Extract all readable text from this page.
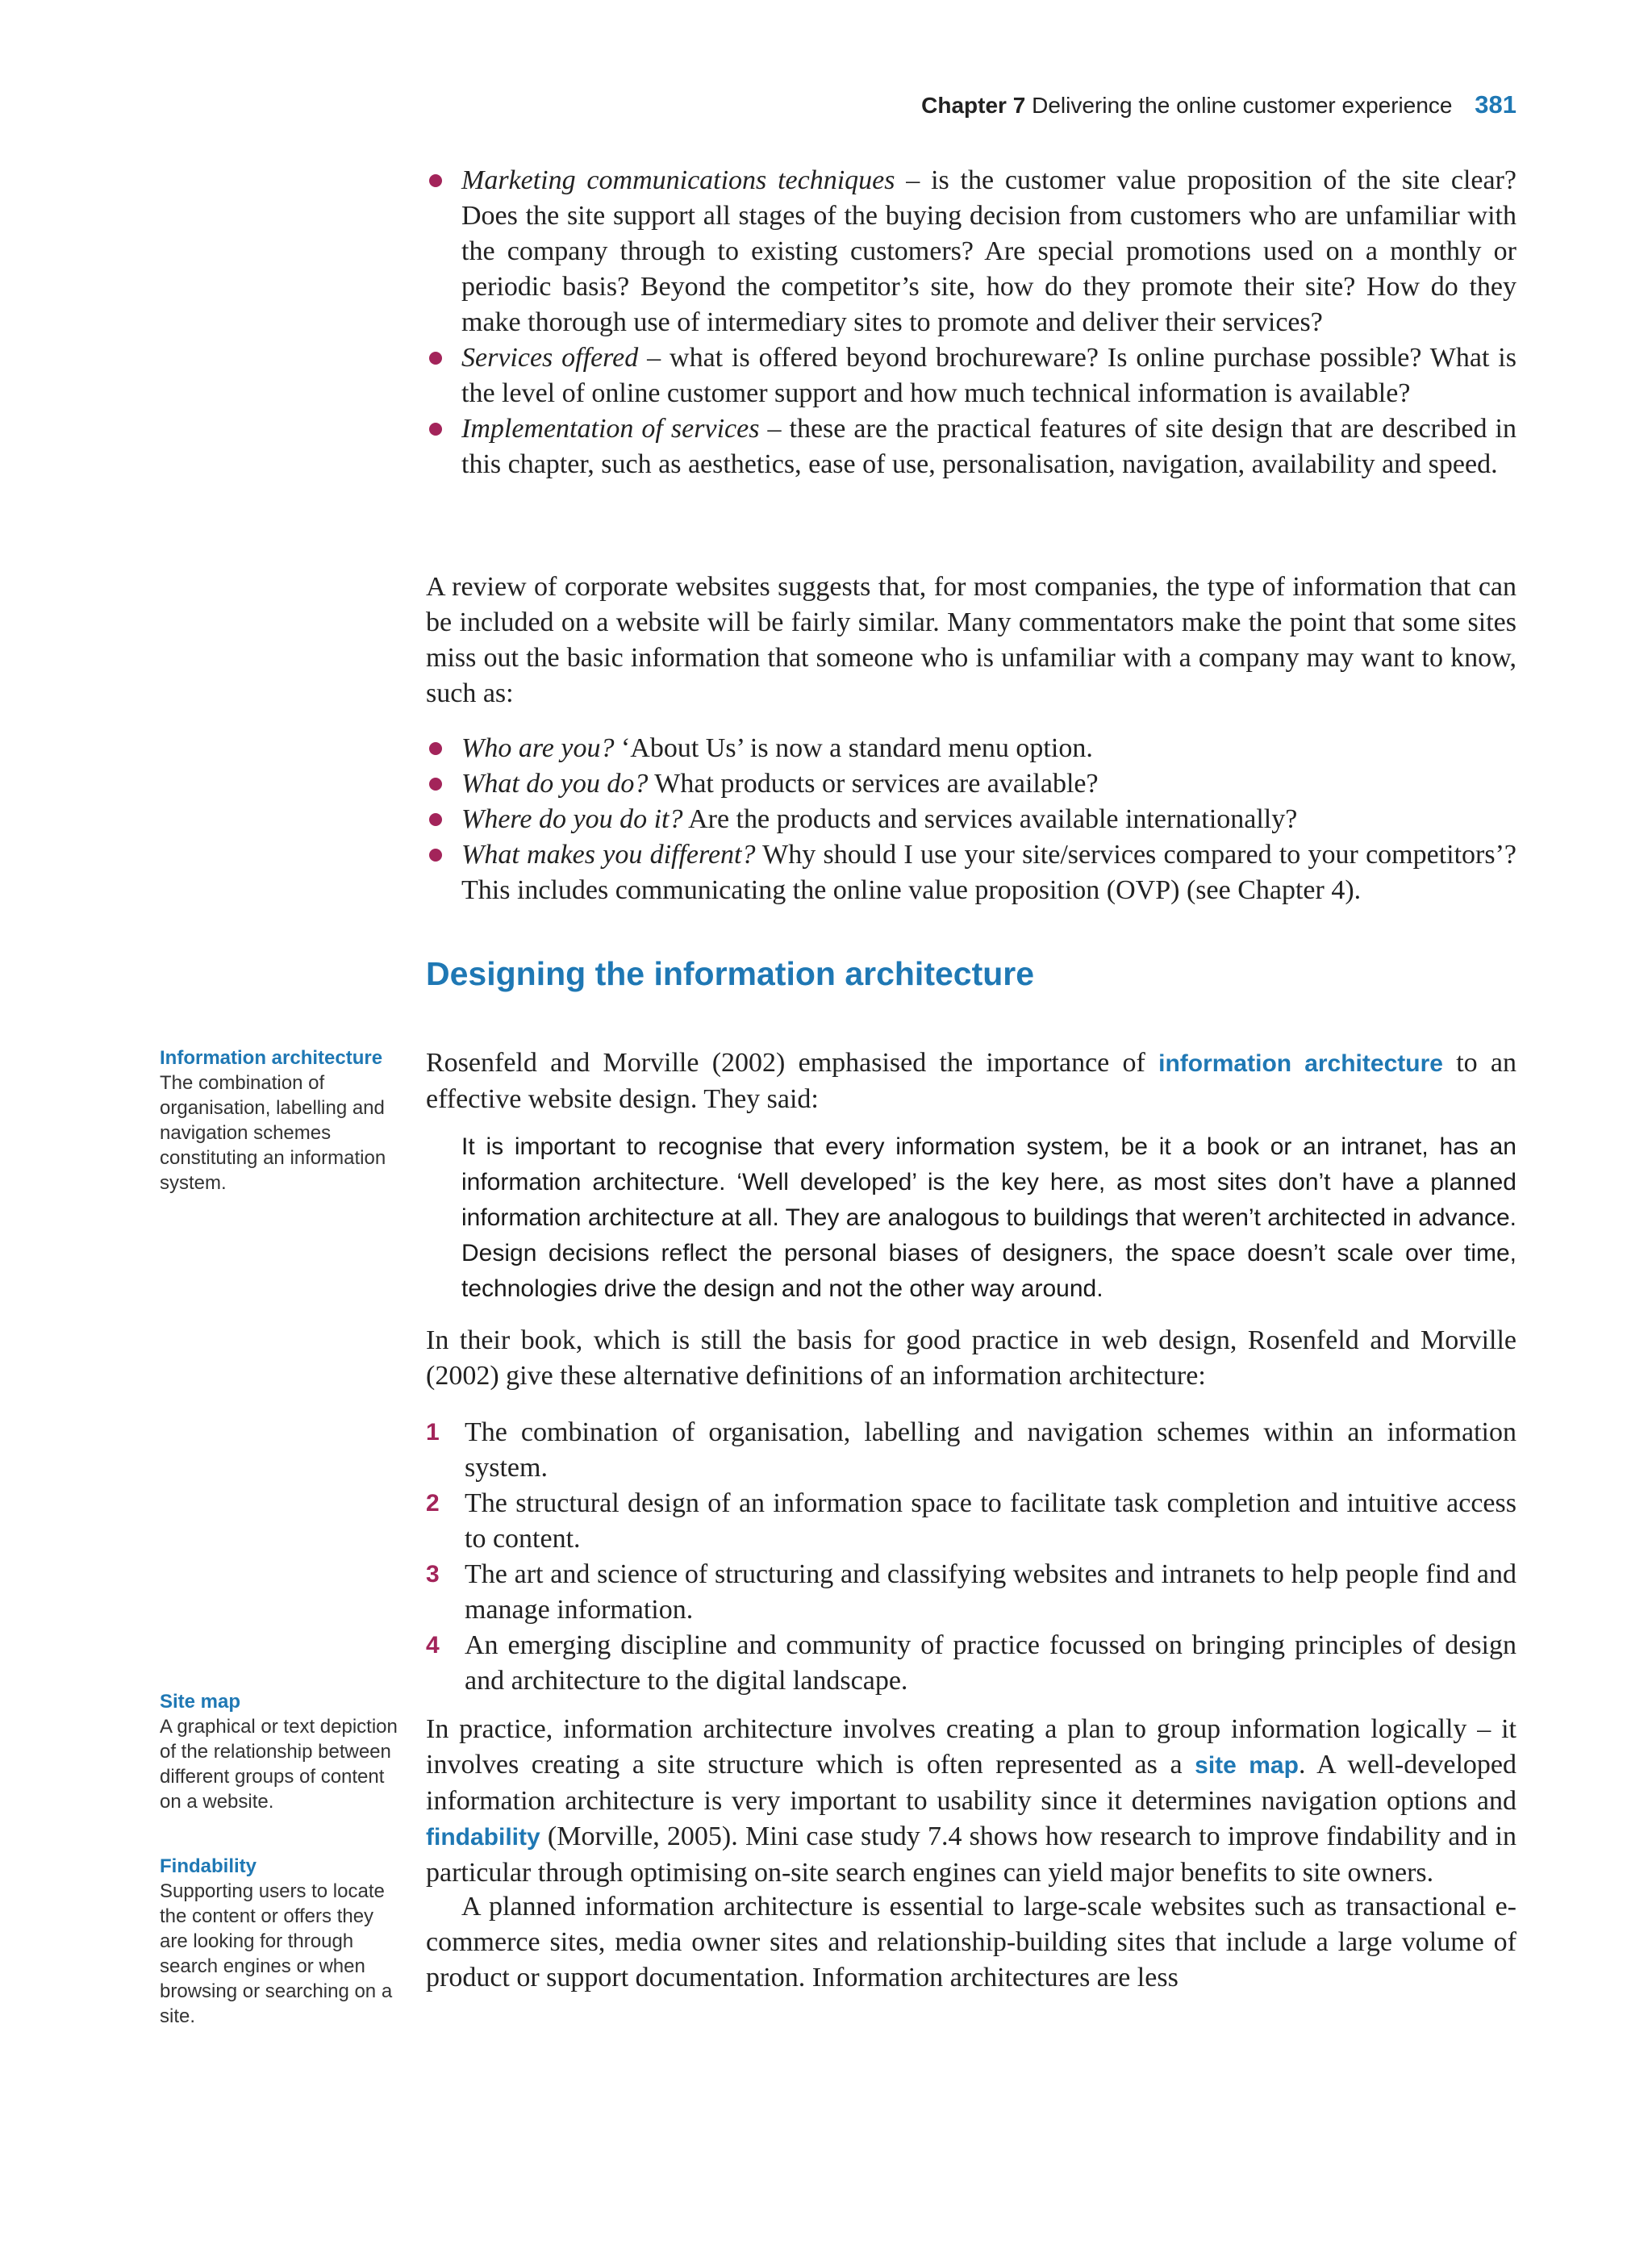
Chapter 7 Delivering the online customer experience 381
Marketing communications techniques – is the customer value proposition of the site clear? Does the site support all stages of the buying decision from customers who are unfamiliar with the company through to existing customers? Are special promotions used on a monthly or periodic basis? Beyond the competitor’s site, how do they promote their site? How do they make thorough use of intermediary sites to promote and deliver their services?
Services offered – what is offered beyond brochureware? Is online purchase possible? What is the level of online customer support and how much technical information is available?
Implementation of services – these are the practical features of site design that are described in this chapter, such as aesthetics, ease of use, personalisation, navigation, availability and speed.

A review of corporate websites suggests that, for most companies, the type of information that can be included on a website will be fairly similar. Many commentators make the point that some sites miss out the basic information that someone who is unfamiliar with a company may want to know, such as:

Who are you? ‘About Us’ is now a standard menu option.
What do you do? What products or services are available?
Where do you do it? Are the products and services available internationally?
What makes you different? Why should I use your site/services compared to your competitors’? This includes communicating the online value proposition (OVP) (see Chapter 4).
Designing the information architecture

Rosenfeld and Morville (2002) emphasised the importance of information architecture to an effective website design. They said:

It is important to recognise that every information system, be it a book or an intranet, has an information architecture. ‘Well developed’ is the key here, as most sites don’t have a planned information architecture at all. They are analogous to buildings that weren’t architected in advance. Design decisions reflect the personal biases of designers, the space doesn’t scale over time, technologies drive the design and not the other way around.

In their book, which is still the basis for good practice in web design, Rosenfeld and Morville (2002) give these alternative definitions of an information architecture:

1 The combination of organisation, labelling and navigation schemes within an information system.
2 The structural design of an information space to facilitate task completion and intuitive access to content.
3 The art and science of structuring and classifying websites and intranets to help people find and manage information.
4 An emerging discipline and community of practice focussed on bringing principles of design and architecture to the digital landscape.

In practice, information architecture involves creating a plan to group information logically – it involves creating a site structure which is often represented as a site map. A well-developed information architecture is very important to usability since it determines navigation options and findability (Morville, 2005). Mini case study 7.4 shows how research to improve findability and in particular through optimising on-site search engines can yield major benefits to site owners.

A planned information architecture is essential to large-scale websites such as transactional e-commerce sites, media owner sites and relationship-building sites that include a large volume of product or support documentation. Information architectures are less

Information architecture
The combination of organisation, labelling and navigation schemes constituting an information system.
Site map
A graphical or text depiction of the relationship between different groups of content on a website.
Findability
Supporting users to locate the content or offers they are looking for through search engines or when browsing or searching on a site.
